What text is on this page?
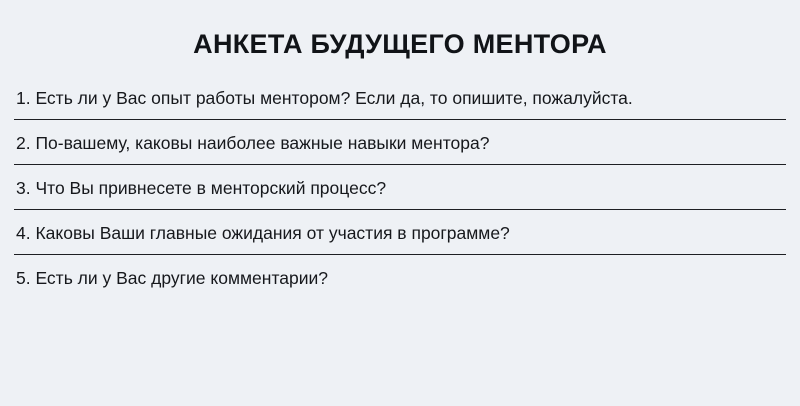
АНКЕТА БУДУЩЕГО МЕНТОРА
1. Есть ли у Вас опыт работы ментором? Если да, то опишите, пожалуйста.
2. По-вашему, каковы наиболее важные навыки ментора?
3. Что Вы привнесете в менторский процесс?
4. Каковы Ваши главные ожидания от участия в программе?
5. Есть ли у Вас другие комментарии?
